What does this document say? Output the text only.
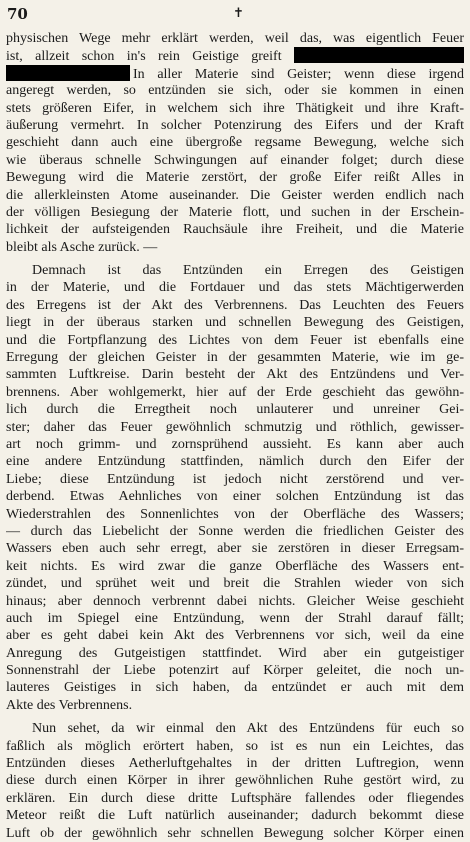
70	✝

physischen Wege mehr erklärt werden, weil das, was eigentlich Feuer
ist, allzeit schon in's rein Geistige greift
In aller Materie sind Geister; wenn diese irgend
angeregt werden, so entzünden sie sich, oder sie kommen in einen
stets größeren Eifer, in welchem sich ihre Thätigkeit und ihre Kraft-
äußerung vermehrt. In solcher Potenzirung des Eifers und der Kraft
geschieht dann auch eine übergroße regsame Bewegung, welche sich
wie überaus schnelle Schwingungen auf einander folget; durch diese
Bewegung wird die Materie zerstört, der große Eifer reißt Alles in
die allerkleinsten Atome auseinander. Die Geister werden endlich nach
der völligen Besiegung der Materie flott, und suchen in der Erschein-
lichkeit der aufsteigenden Rauchsäule ihre Freiheit, und die Materie
bleibt als Asche zurück. —

Demnach ist das Entzünden ein Erregen des Geistigen
in der Materie, und die Fortdauer und das stets Mächtigerwerden
des Erregens ist der Akt des Verbrennens. Das Leuchten des Feuers
liegt in der überaus starken und schnellen Bewegung des Geistigen,
und die Fortpflanzung des Lichtes von dem Feuer ist ebenfalls eine
Erregung der gleichen Geister in der gesammten Materie, wie im ge-
sammten Luftkreise. Darin besteht der Akt des Entzündens und Ver-
brennens. Aber wohlgemerkt, hier auf der Erde geschieht das gewöhn-
lich durch die Erregtheit noch unlauterer und unreiner Gei-
ster; daher das Feuer gewöhnlich schmutzig und röthlich, gewisser-
art noch grimm- und zornsprühend aussieht. Es kann aber auch
eine andere Entzündung stattfinden, nämlich durch den Eifer der
Liebe; diese Entzündung ist jedoch nicht zerstörend und ver-
derbend. Etwas Aehnliches von einer solchen Entzündung ist das
Wiederstrahlen des Sonnenlichtes von der Oberfläche des Wassers;
— durch das Liebelicht der Sonne werden die friedlichen Geister des
Wassers eben auch sehr erregt, aber sie zerstören in dieser Erregsam-
keit nichts. Es wird zwar die ganze Oberfläche des Wassers ent-
zündet, und sprühet weit und breit die Strahlen wieder von sich
hinaus; aber dennoch verbrennt dabei nichts. Gleicher Weise geschieht
auch im Spiegel eine Entzündung, wenn der Strahl darauf fällt;
aber es geht dabei kein Akt des Verbrennens vor sich, weil da eine
Anregung des Gutgeistigen stattfindet. Wird aber ein gutgeistiger
Sonnenstrahl der Liebe potenzirt auf Körper geleitet, die noch un-
lauteres Geistiges in sich haben, da entzündet er auch mit dem
Akte des Verbrennens.

Nun sehet, da wir einmal den Akt des Entzündens für euch so
faßlich als möglich erörtert haben, so ist es nun ein Leichtes, das
Entzünden dieses Aetherluftgehaltes in der dritten Luftregion, wenn
diese durch einen Körper in ihrer gewöhnlichen Ruhe gestört wird, zu
erklären. Ein durch diese dritte Luftsphäre fallendes oder fliegendes
Meteor reißt die Luft natürlich auseinander; dadurch bekommt diese
Luft ob der gewöhnlich sehr schnellen Bewegung solcher Körper einen
